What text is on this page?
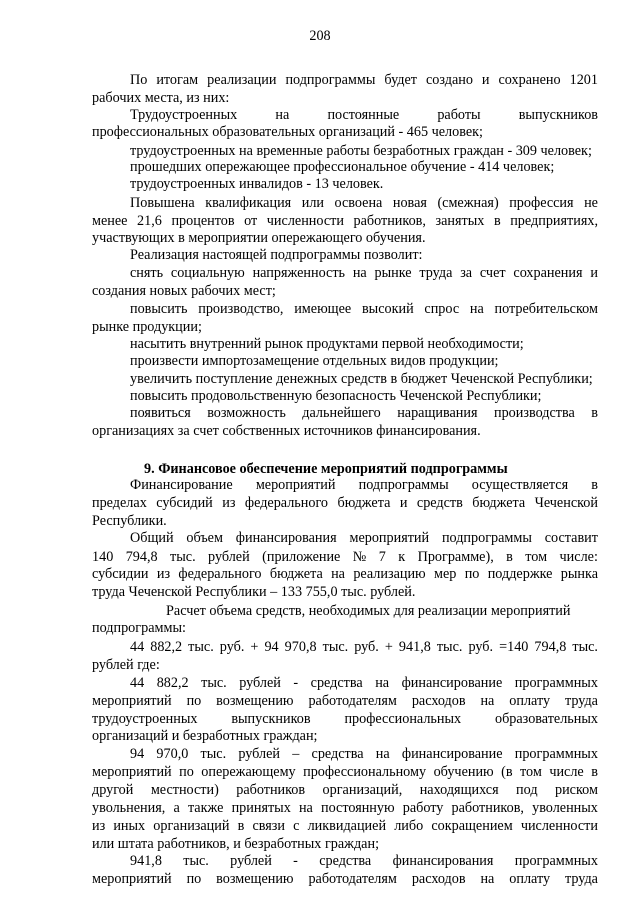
208
По итогам реализации подпрограммы будет создано и сохранено 1201
рабочих места, из них:
Трудоустроенных	на	постоянные	работы	выпускников
профессиональных образовательных организаций - 465 человек;
трудоустроенных на временные работы безработных граждан - 309 человек;
прошедших опережающее профессиональное обучение - 414 человек;
трудоустроенных инвалидов - 13 человек.
Повышена квалификация или освоена новая (смежная) профессия не
менее 21,6 процентов от численности работников, занятых в предприятиях,
участвующих в мероприятии опережающего обучения.
Реализация настоящей подпрограммы позволит:
снять социальную напряженность на рынке труда за счет сохранения и
создания новых рабочих мест;
повысить производство, имеющее высокий спрос на потребительском
рынке продукции;
насытить внутренний рынок продуктами первой необходимости;
произвести импортозамещение отдельных видов продукции;
увеличить поступление денежных средств в бюджет Чеченской Республики;
повысить продовольственную безопасность Чеченской Республики;
появиться возможность дальнейшего наращивания производства в
организациях за счет собственных источников финансирования.
9. Финансовое обеспечение мероприятий подпрограммы
Финансирование мероприятий подпрограммы осуществляется в
пределах субсидий из федерального бюджета и средств бюджета Чеченской
Республики.
Общий объем финансирования мероприятий подпрограммы составит
140 794,8 тыс. рублей (приложение № 7 к Программе), в том числе:
субсидии из федерального бюджета на реализацию мер по поддержке рынка
труда Чеченской Республики – 133 755,0 тыс. рублей.
Расчет объема средств, необходимых для реализации мероприятий
подпрограммы:
44 882,2 тыс. руб. + 94 970,8 тыс. руб. + 941,8 тыс. руб. =140 794,8 тыс.
рублей где:
44 882,2 тыс. рублей - средства на финансирование программных
мероприятий по возмещению работодателям расходов на оплату труда
трудоустроенных выпускников профессиональных образовательных
организаций и безработных граждан;
94 970,0 тыс. рублей – средства на финансирование программных
мероприятий по опережающему профессиональному обучению (в том числе в
другой местности) работников организаций, находящихся под риском
увольнения, а также принятых на постоянную работу работников, уволенных
из иных организаций в связи с ликвидацией либо сокращением численности
или штата работников, и безработных граждан;
941,8 тыс. рублей - средства финансирования программных
мероприятий по возмещению работодателям расходов на оплату труда
